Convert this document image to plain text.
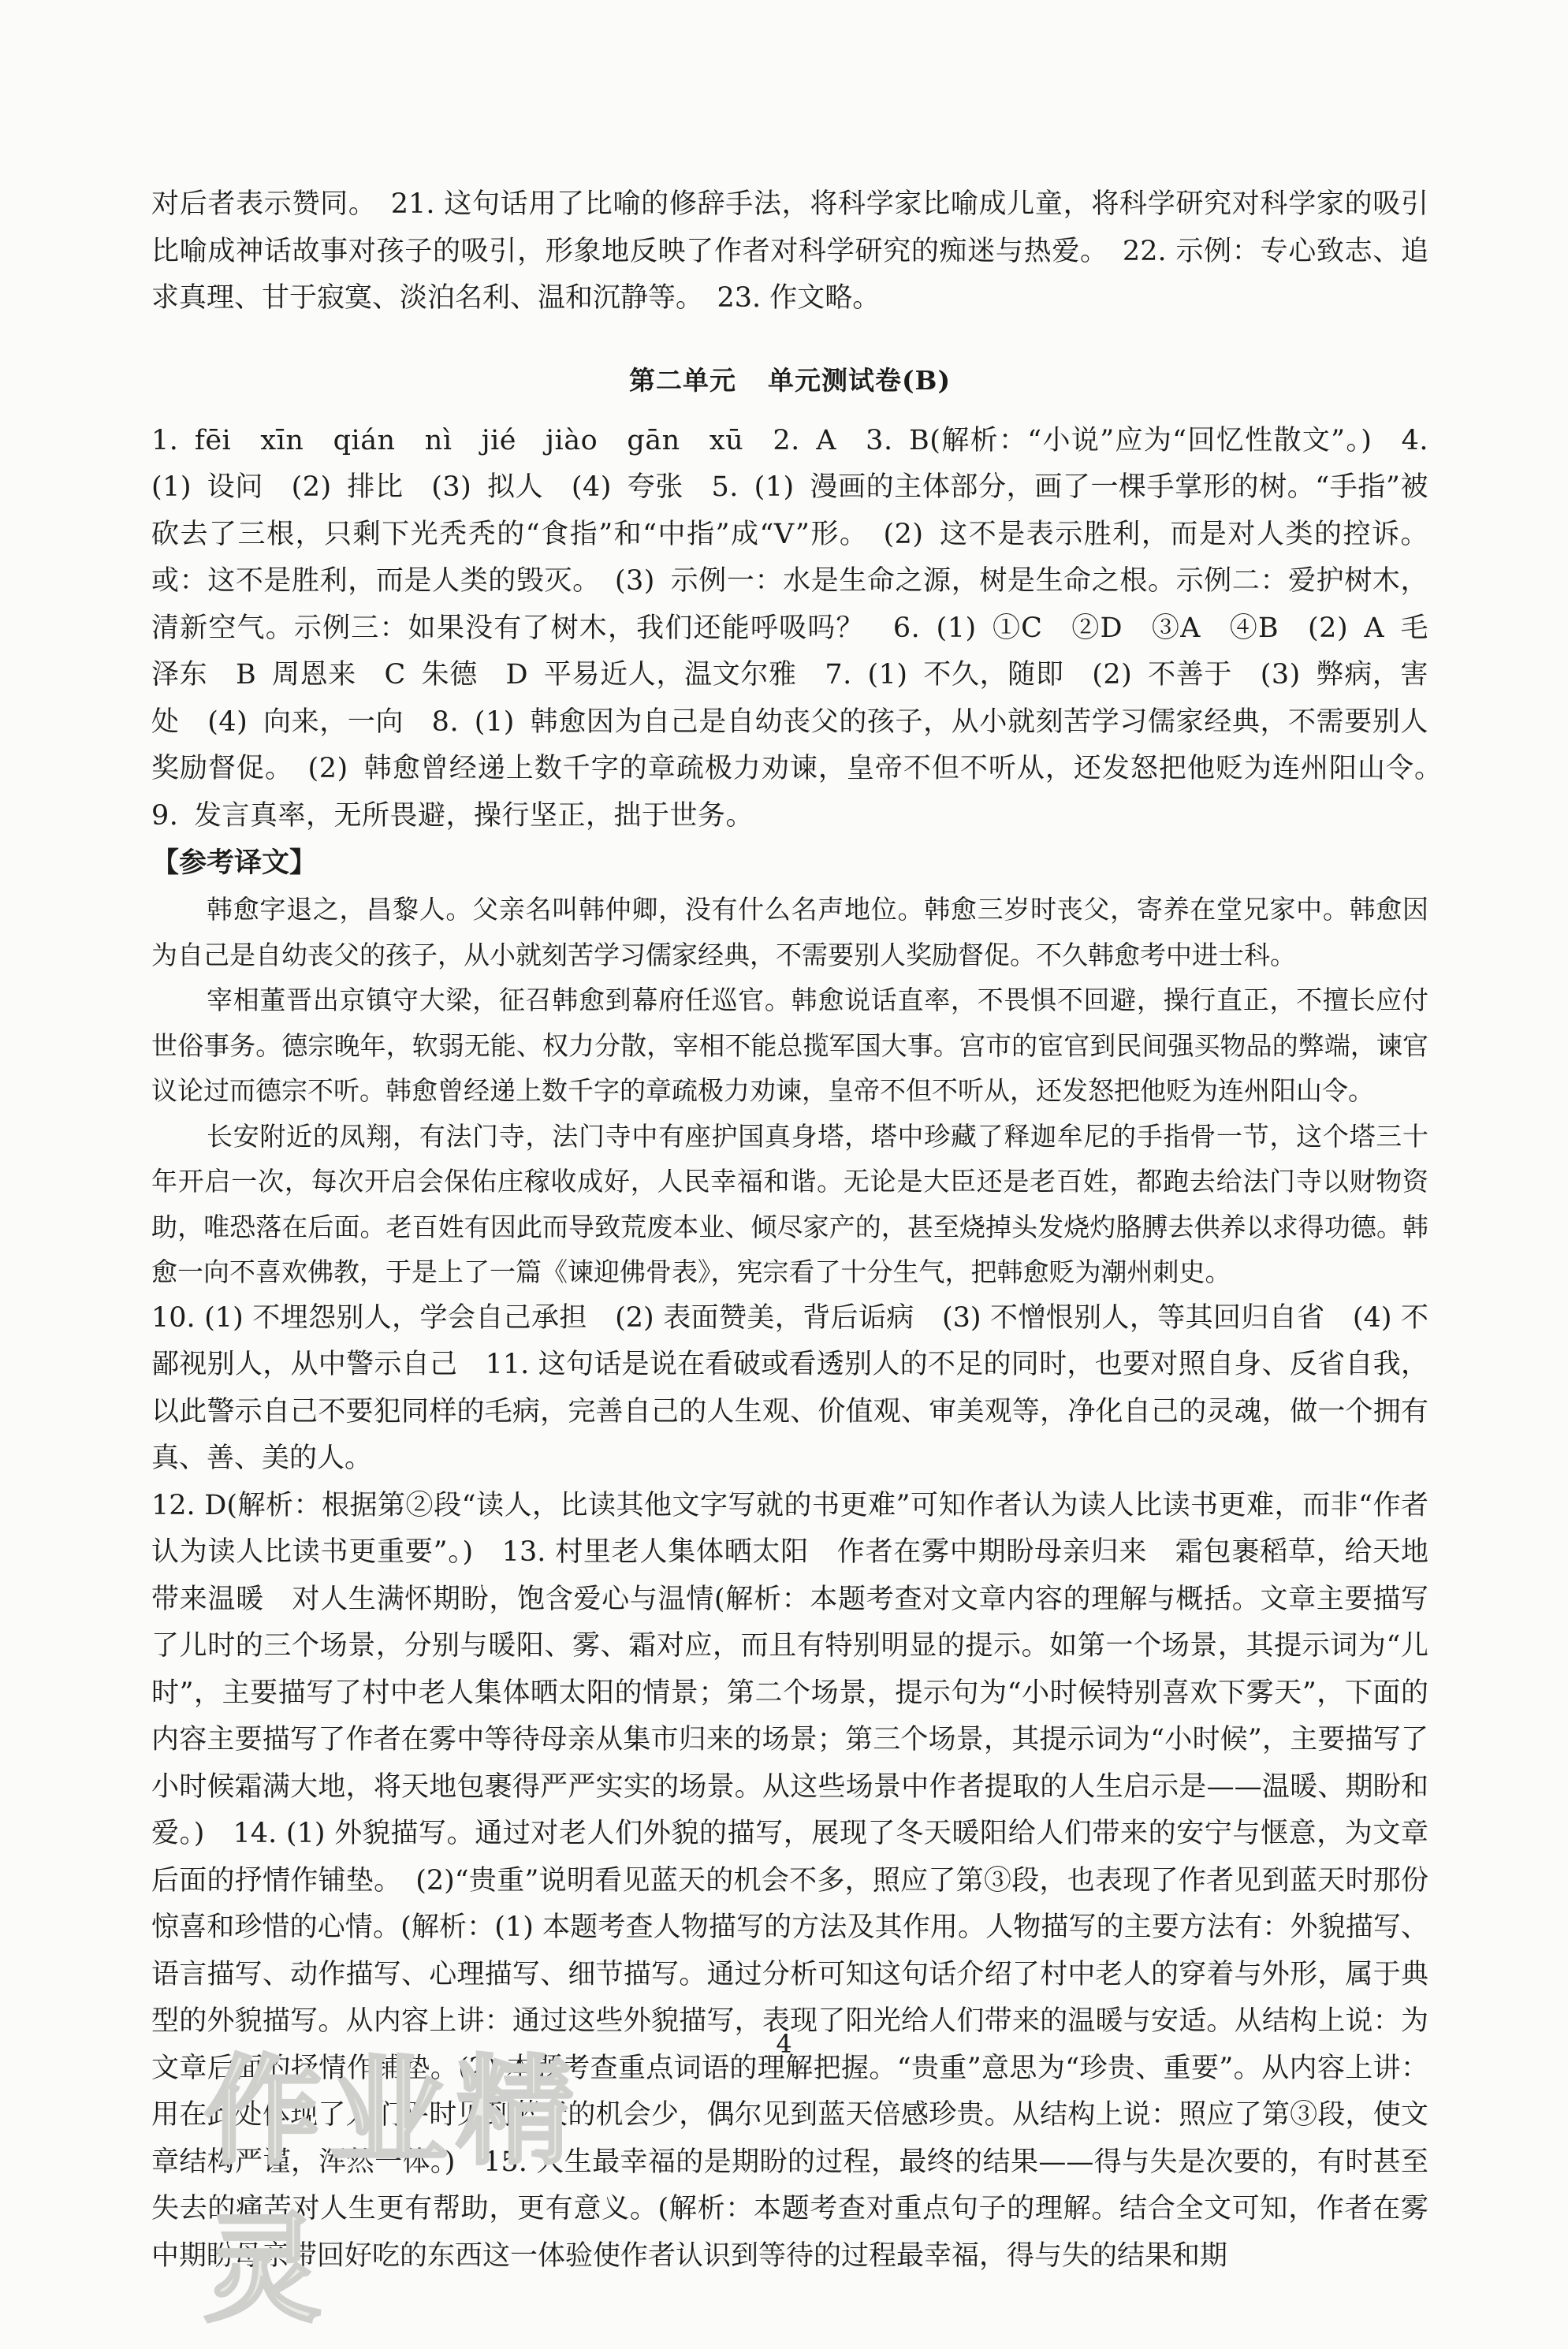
对后者表示赞同。　21. 这句话用了比喻的修辞手法，将科学家比喻成儿童，将科学研究对科学家的吸引比喻成神话故事对孩子的吸引，形象地反映了作者对科学研究的痴迷与热爱。　22. 示例：专心致志、追求真理、甘于寂寞、淡泊名利、温和沉静等。　23. 作文略。

第二单元 单元测试卷(B)

1. fēi　xīn　qián　nì　jié　jiào　gān　xū　2. A　3. B(解析：“小说”应为“回忆性散文”。)　4. (1) 设问　(2) 排比　(3) 拟人　(4) 夸张　5. (1) 漫画的主体部分，画了一棵手掌形的树。“手指”被砍去了三根，只剩下光秃秃的“食指”和“中指”成“V”形。　(2) 这不是表示胜利，而是对人类的控诉。或：这不是胜利，而是人类的毁灭。　(3) 示例一：水是生命之源，树是生命之根。示例二：爱护树木，清新空气。示例三：如果没有了树木，我们还能呼吸吗？　6. (1) ①C　②D　③A　④B　(2) A 毛泽东　B 周恩来　C 朱德　D 平易近人，温文尔雅　7. (1) 不久，随即　(2) 不善于　(3) 弊病，害处　(4) 向来，一向　8. (1) 韩愈因为自己是自幼丧父的孩子，从小就刻苦学习儒家经典，不需要别人奖励督促。　(2) 韩愈曾经递上数千字的章疏极力劝谏，皇帝不但不听从，还发怒把他贬为连州阳山令。　9. 发言真率，无所畏避，操行坚正，拙于世务。

【参考译文】

韩愈字退之，昌黎人。父亲名叫韩仲卿，没有什么名声地位。韩愈三岁时丧父，寄养在堂兄家中。韩愈因为自己是自幼丧父的孩子，从小就刻苦学习儒家经典，不需要别人奖励督促。不久韩愈考中进士科。

宰相董晋出京镇守大梁，征召韩愈到幕府任巡官。韩愈说话直率，不畏惧不回避，操行直正，不擅长应付世俗事务。德宗晚年，软弱无能、权力分散，宰相不能总揽军国大事。宫市的宦官到民间强买物品的弊端，谏官议论过而德宗不听。韩愈曾经递上数千字的章疏极力劝谏，皇帝不但不听从，还发怒把他贬为连州阳山令。

长安附近的凤翔，有法门寺，法门寺中有座护国真身塔，塔中珍藏了释迦牟尼的手指骨一节，这个塔三十年开启一次，每次开启会保佑庄稼收成好，人民幸福和谐。无论是大臣还是老百姓，都跑去给法门寺以财物资助，唯恐落在后面。老百姓有因此而导致荒废本业、倾尽家产的，甚至烧掉头发烧灼胳膊去供养以求得功德。韩愈一向不喜欢佛教，于是上了一篇《谏迎佛骨表》，宪宗看了十分生气，把韩愈贬为潮州刺史。

10. (1) 不埋怨别人，学会自己承担　(2) 表面赞美，背后诟病　(3) 不憎恨别人，等其回归自省　(4) 不鄙视别人，从中警示自己　11. 这句话是说在看破或看透别人的不足的同时，也要对照自身、反省自我，以此警示自己不要犯同样的毛病，完善自己的人生观、价值观、审美观等，净化自己的灵魂，做一个拥有真、善、美的人。

12. D(解析：根据第②段“读人，比读其他文字写就的书更难”可知作者认为读人比读书更难，而非“作者认为读人比读书更重要”。)　13. 村里老人集体晒太阳　作者在雾中期盼母亲归来　霜包裹稻草，给天地带来温暖　对人生满怀期盼，饱含爱心与温情(解析：本题考查对文章内容的理解与概括。文章主要描写了儿时的三个场景，分别与暖阳、雾、霜对应，而且有特别明显的提示。如第一个场景，其提示词为“儿时”，主要描写了村中老人集体晒太阳的情景；第二个场景，提示句为“小时候特别喜欢下雾天”，下面的内容主要描写了作者在雾中等待母亲从集市归来的场景；第三个场景，其提示词为“小时候”，主要描写了小时候霜满大地，将天地包裹得严严实实的场景。从这些场景中作者提取的人生启示是——温暖、期盼和爱。)　14. (1) 外貌描写。通过对老人们外貌的描写，展现了冬天暖阳给人们带来的安宁与惬意，为文章后面的抒情作铺垫。　(2)“贵重”说明看见蓝天的机会不多，照应了第③段，也表现了作者见到蓝天时那份惊喜和珍惜的心情。(解析：(1) 本题考查人物描写的方法及其作用。人物描写的主要方法有：外貌描写、语言描写、动作描写、心理描写、细节描写。通过分析可知这句话介绍了村中老人的穿着与外形，属于典型的外貌描写。从内容上讲：通过这些外貌描写，表现了阳光给人们带来的温暖与安适。从结构上说：为文章后面的抒情作铺垫。(2) 本题考查重点词语的理解把握。“贵重”意思为“珍贵、重要”。从内容上讲：用在此处体现了人们平时见到蓝天的机会少，偶尔见到蓝天倍感珍贵。从结构上说：照应了第③段，使文章结构严谨，浑然一体。)　15. 人生最幸福的是期盼的过程，最终的结果——得与失是次要的，有时甚至失去的痛苦对人生更有帮助，更有意义。(解析：本题考查对重点句子的理解。结合全文可知，作者在雾中期盼母亲带回好吃的东西这一体验使作者认识到等待的过程最幸福，得与失的结果和期

4
作业精灵
